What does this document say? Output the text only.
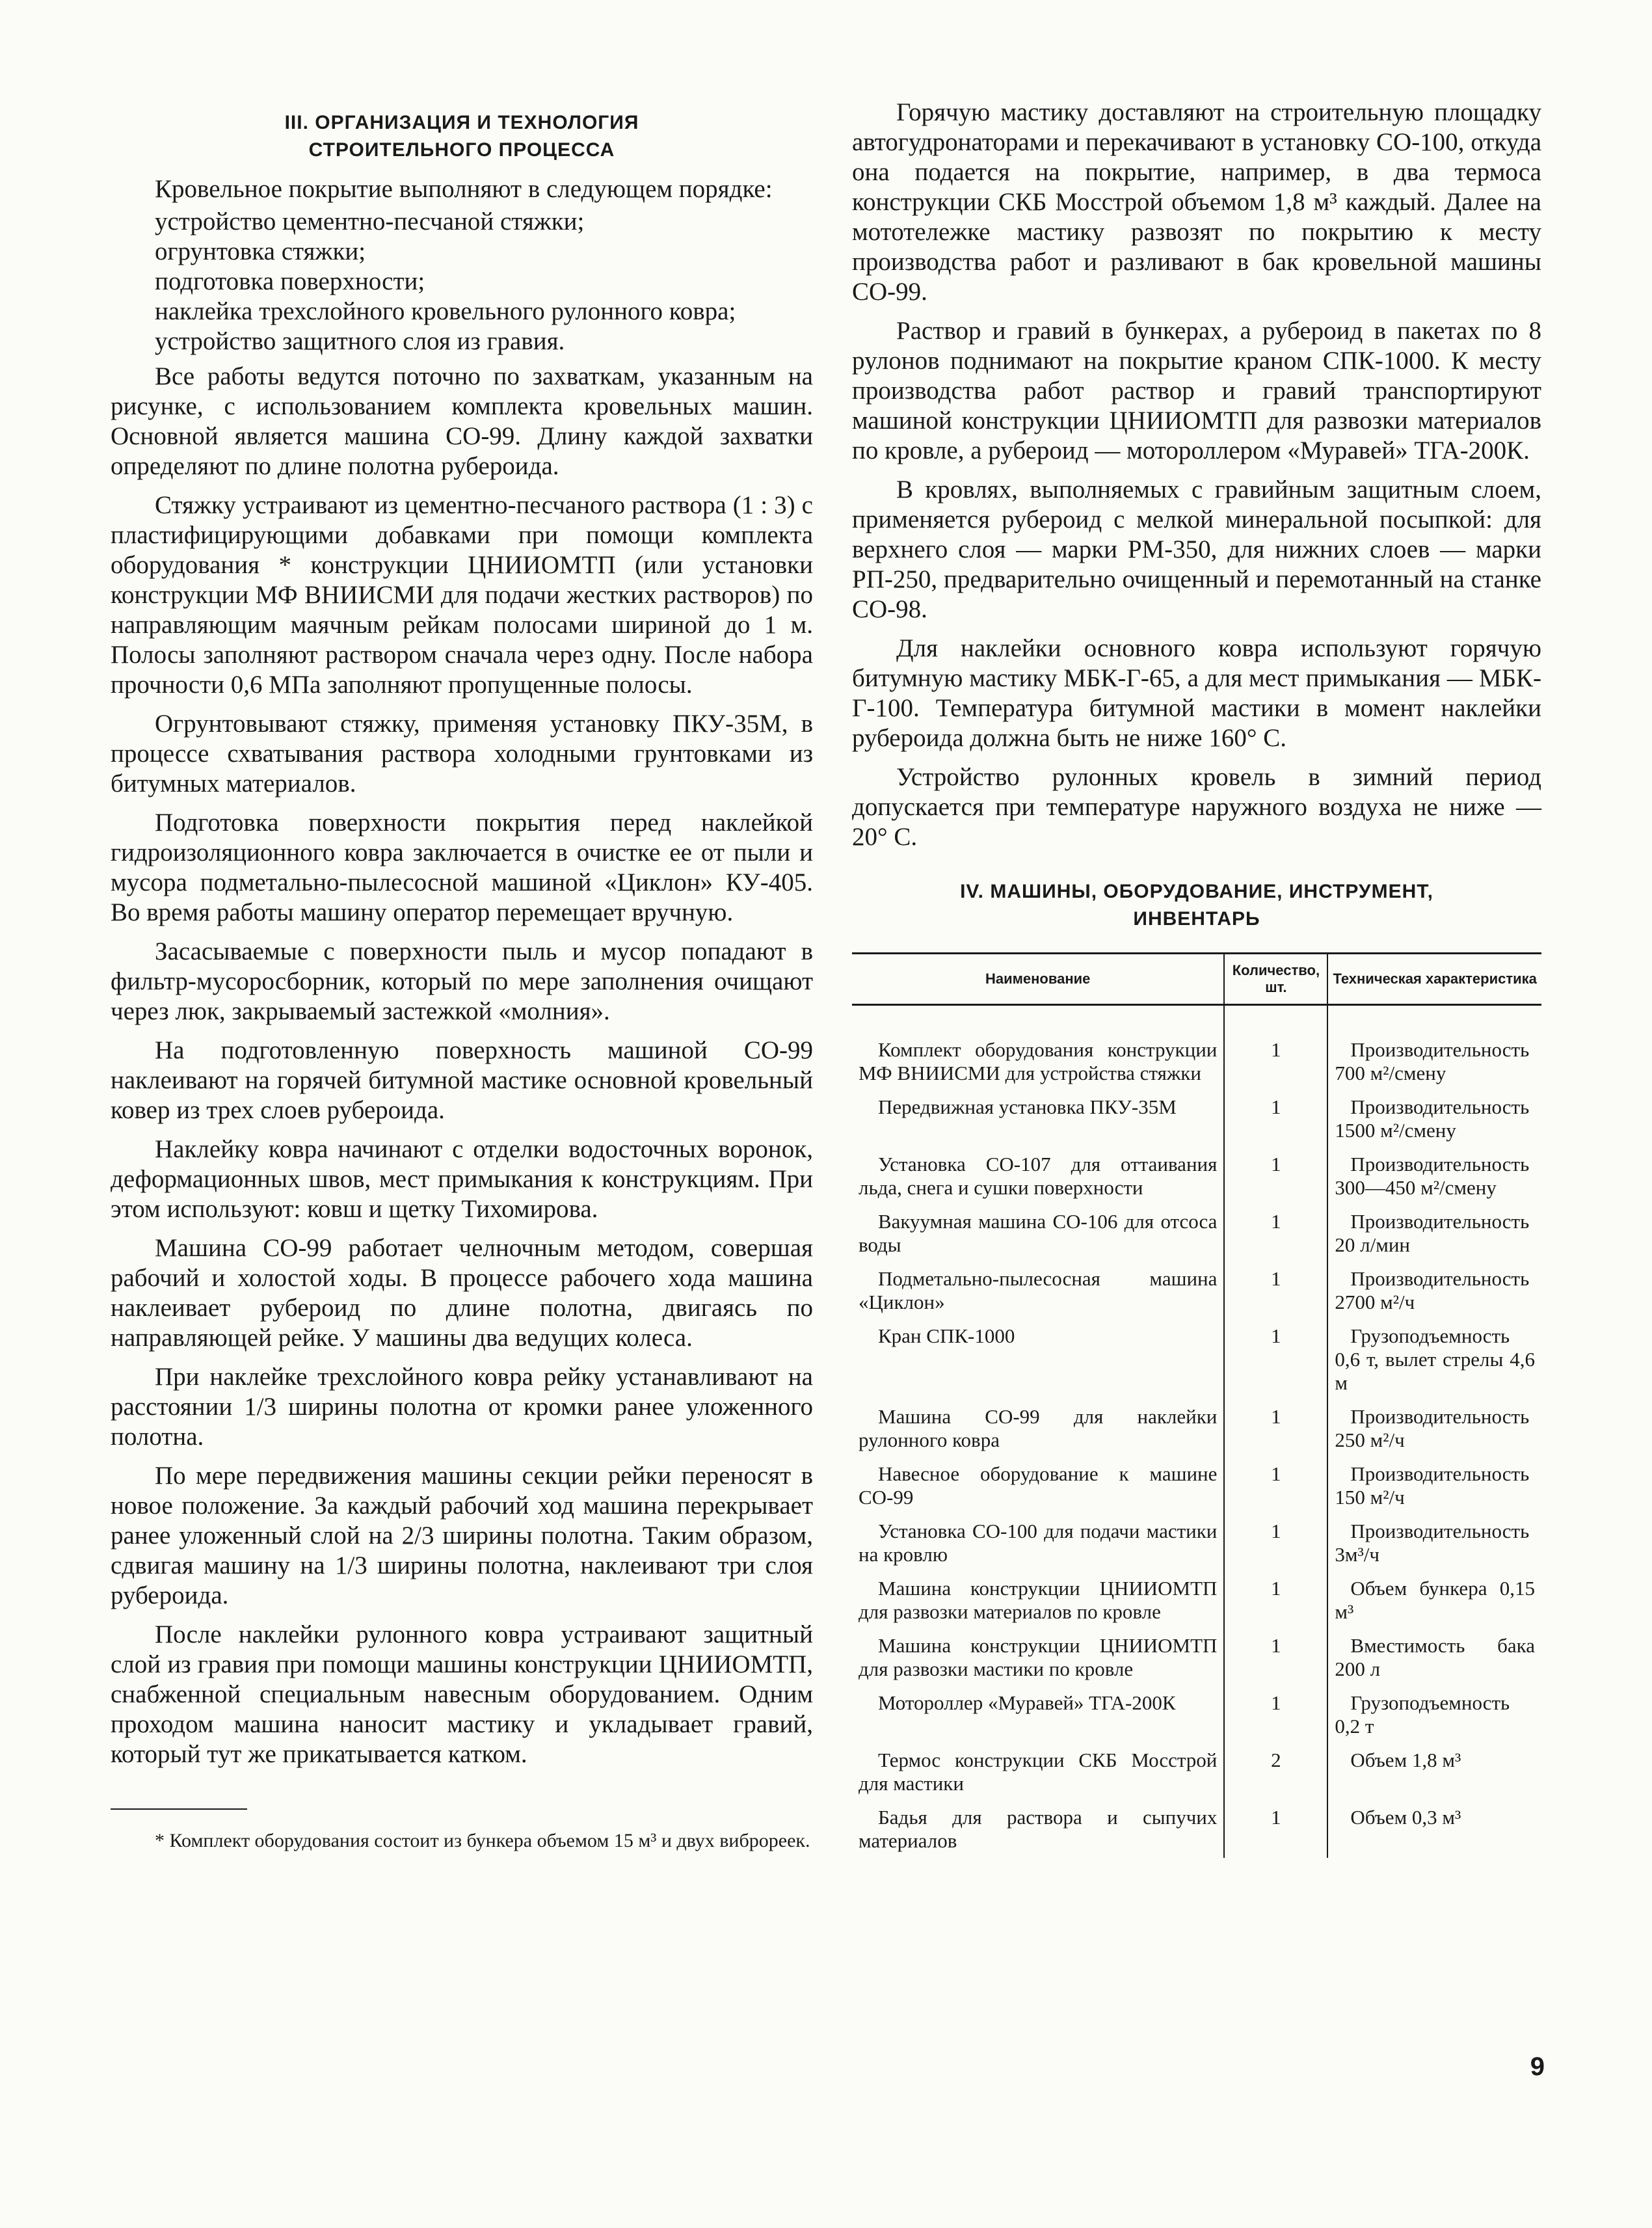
III. ОРГАНИЗАЦИЯ И ТЕХНОЛОГИЯ
СТРОИТЕЛЬНОГО ПРОЦЕССА

Кровельное покрытие выполняют в следующем порядке:

устройство цементно-песчаной стяжки;
огрунтовка стяжки;
подготовка поверхности;
наклейка трехслойного кровельного рулонного ковра;
устройство защитного слоя из гравия.

Все работы ведутся поточно по захваткам, указанным на рисунке, с использованием комплекта кровельных машин. Основной является машина СО-99. Длину каждой захватки определяют по длине полотна рубероида.

Стяжку устраивают из цементно-песчаного раствора (1 : 3) с пластифицирующими добавками при помощи комплекта оборудования * конструкции ЦНИИОМТП (или установки конструкции МФ ВНИИСМИ для подачи жестких растворов) по направляющим маячным рейкам полосами шириной до 1 м. Полосы заполняют раствором сначала через одну. После набора прочности 0,6 МПа заполняют пропущенные полосы.

Огрунтовывают стяжку, применяя установку ПКУ-35М, в процессе схватывания раствора холодными грунтовками из битумных материалов.

Подготовка поверхности покрытия перед наклейкой гидроизоляционного ковра заключается в очистке ее от пыли и мусора подметально-пылесосной машиной «Циклон» КУ-405. Во время работы машину оператор перемещает вручную.

Засасываемые с поверхности пыль и мусор попадают в фильтр-мусоросборник, который по мере заполнения очищают через люк, закрываемый застежкой «молния».

На подготовленную поверхность машиной СО-99 наклеивают на горячей битумной мастике основной кровельный ковер из трех слоев рубероида.

Наклейку ковра начинают с отделки водосточных воронок, деформационных швов, мест примыкания к конструкциям. При этом используют: ковш и щетку Тихомирова.

Машина СО-99 работает челночным методом, совершая рабочий и холостой ходы. В процессе рабочего хода машина наклеивает рубероид по длине полотна, двигаясь по направляющей рейке. У машины два ведущих колеса.

При наклейке трехслойного ковра рейку устанавливают на расстоянии 1/3 ширины полотна от кромки ранее уложенного полотна.

По мере передвижения машины секции рейки переносят в новое положение. За каждый рабочий ход машина перекрывает ранее уложенный слой на 2/3 ширины полотна. Таким образом, сдвигая машину на 1/3 ширины полотна, наклеивают три слоя рубероида.

После наклейки рулонного ковра устраивают защитный слой из гравия при помощи машины конструкции ЦНИИОМТП, снабженной специальным навесным оборудованием. Одним проходом машина наносит мастику и укладывает гравий, который тут же прикатывается катком.

* Комплект оборудования состоит из бункера объемом 15 м³ и двух виброреек.

Горячую мастику доставляют на строительную площадку автогудронаторами и перекачивают в установку СО-100, откуда она подается на покрытие, например, в два термоса конструкции СКБ Мосстрой объемом 1,8 м³ каждый. Далее на мототележке мастику развозят по покрытию к месту производства работ и разливают в бак кровельной машины СО-99.

Раствор и гравий в бункерах, а рубероид в пакетах по 8 рулонов поднимают на покрытие краном СПК-1000. К месту производства работ раствор и гравий транспортируют машиной конструкции ЦНИИОМТП для развозки материалов по кровле, а рубероид — мотороллером «Муравей» ТГА-200К.

В кровлях, выполняемых с гравийным защитным слоем, применяется рубероид с мелкой минеральной посыпкой: для верхнего слоя — марки РМ-350, для нижних слоев — марки РП-250, предварительно очищенный и перемотанный на станке СО-98.

Для наклейки основного ковра используют горячую битумную мастику МБК-Г-65, а для мест примыкания — МБК-Г-100. Температура битумной мастики в момент наклейки рубероида должна быть не ниже 160° С.

Устройство рулонных кровель в зимний период допускается при температуре наружного воздуха не ниже —20° С.

IV. МАШИНЫ, ОБОРУДОВАНИЕ, ИНСТРУМЕНТ,
ИНВЕНТАРЬ
Наименование	Количество, шт.	Техническая характеристика

Комплект оборудования конструкции МФ ВНИИСМИ для устройства стяжки	1	Производительность 700 м²/смену

Передвижная установка ПКУ-35М	1	Производительность 1500 м²/смену

Установка СО-107 для оттаивания льда, снега и сушки поверхности	1	Производительность 300—450 м²/смену

Вакуумная машина СО-106 для отсоса воды	1	Производительность 20 л/мин

Подметально-пылесосная машина «Циклон»	1	Производительность 2700 м²/ч

Кран СПК-1000	1	Грузоподъемность 0,6 т, вылет стрелы 4,6 м

Машина СО-99 для наклейки рулонного ковра	1	Производительность 250 м²/ч

Навесное оборудование к машине СО-99	1	Производительность 150 м²/ч

Установка СО-100 для подачи мастики на кровлю	1	Производительность 3м³/ч

Машина конструкции ЦНИИОМТП для развозки материалов по кровле	1	Объем бункера 0,15 м³

Машина конструкции ЦНИИОМТП для развозки мастики по кровле	1	Вместимость бака 200 л

Мотороллер «Муравей» ТГА-200К	1	Грузоподъемность 0,2 т

Термос конструкции СКБ Мосстрой для мастики	2	Объем 1,8 м³

Бадья для раствора и сыпучих материалов	1	Объем 0,3 м³
9
